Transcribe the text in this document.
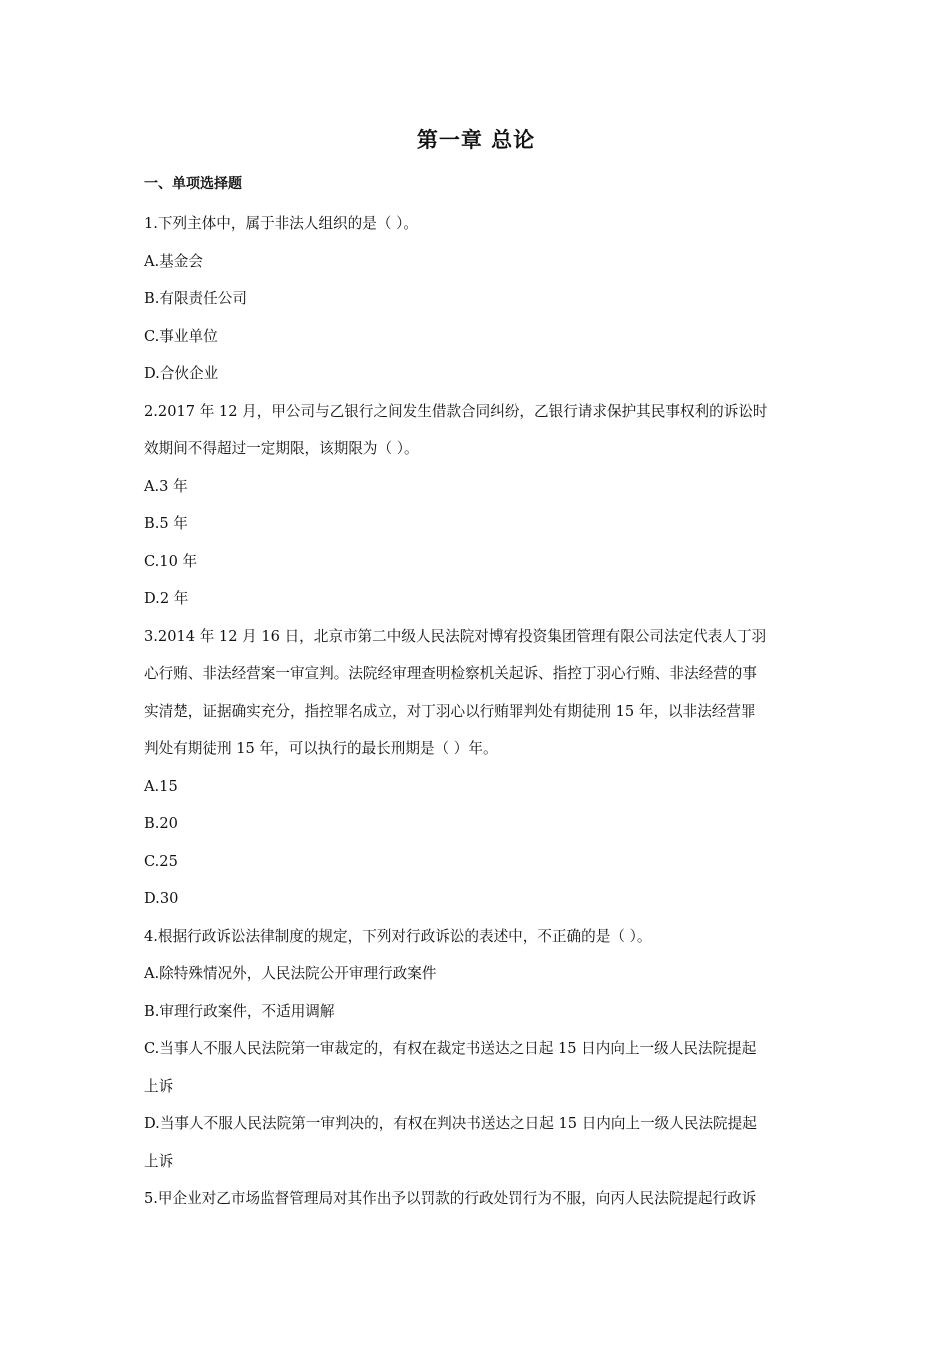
第一章 总论
一、单项选择题
1.下列主体中，属于非法人组织的是（ ）。
A.基金会
B.有限责任公司
C.事业单位
D.合伙企业
2.2017 年 12 月，甲公司与乙银行之间发生借款合同纠纷，乙银行请求保护其民事权利的诉讼时
效期间不得超过一定期限，该期限为（ ）。
A.3 年
B.5 年
C.10 年
D.2 年
3.2014 年 12 月 16 日，北京市第二中级人民法院对博宥投资集团管理有限公司法定代表人丁羽
心行贿、非法经营案一审宣判。法院经审理查明检察机关起诉、指控丁羽心行贿、非法经营的事
实清楚，证据确实充分，指控罪名成立，对丁羽心以行贿罪判处有期徒刑 15 年，以非法经营罪
判处有期徒刑 15 年，可以执行的最长刑期是（ ）年。
A.15
B.20
C.25
D.30
4.根据行政诉讼法律制度的规定，下列对行政诉讼的表述中，不正确的是（ ）。
A.除特殊情况外，人民法院公开审理行政案件
B.审理行政案件，不适用调解
C.当事人不服人民法院第一审裁定的，有权在裁定书送达之日起 15 日内向上一级人民法院提起
上诉
D.当事人不服人民法院第一审判决的，有权在判决书送达之日起 15 日内向上一级人民法院提起
上诉
5.甲企业对乙市场监督管理局对其作出予以罚款的行政处罚行为不服，向丙人民法院提起行政诉
